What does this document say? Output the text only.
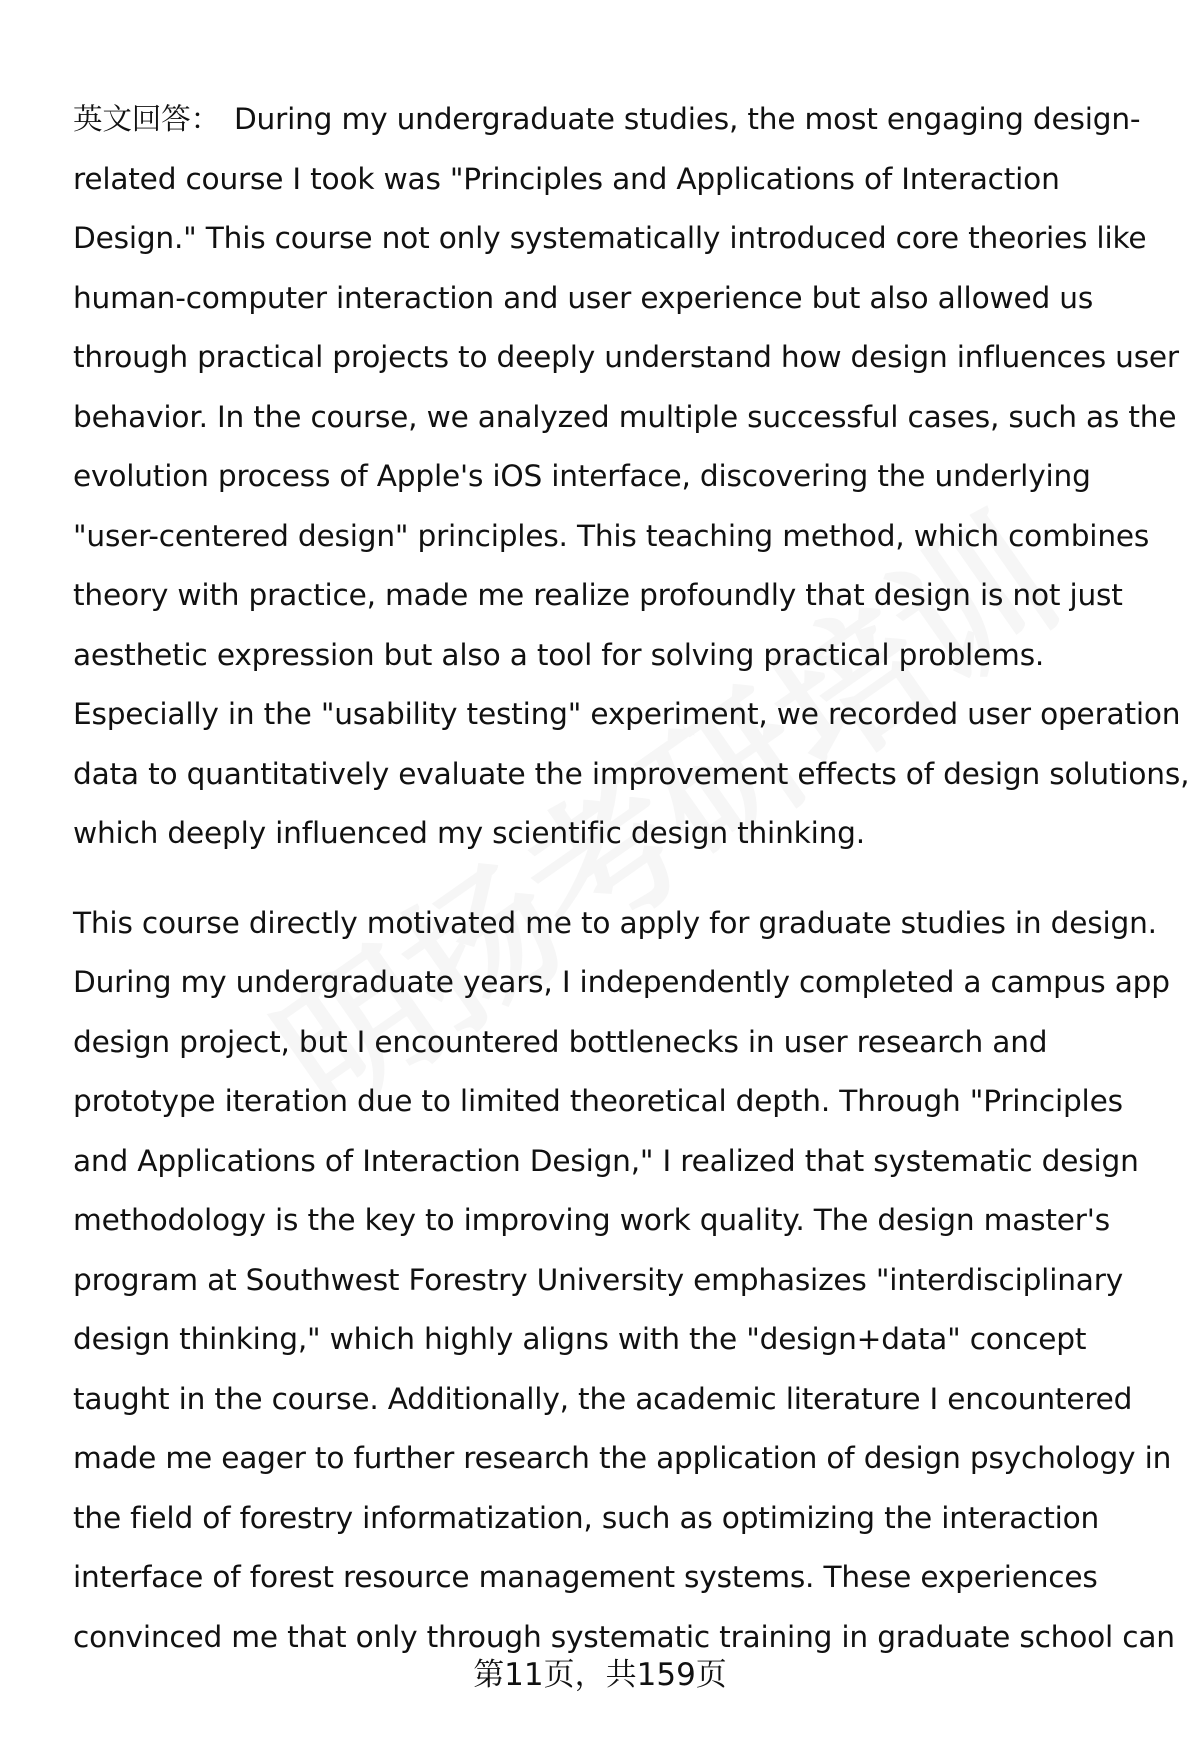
英文回答： During my undergraduate studies, the most engaging design-
related course I took was "Principles and Applications of Interaction
Design." This course not only systematically introduced core theories like
human-computer interaction and user experience but also allowed us
through practical projects to deeply understand how design influences user
behavior. In the course, we analyzed multiple successful cases, such as the
evolution process of Apple's iOS interface, discovering the underlying
"user-centered design" principles. This teaching method, which combines
theory with practice, made me realize profoundly that design is not just
aesthetic expression but also a tool for solving practical problems.
Especially in the "usability testing" experiment, we recorded user operation
data to quantitatively evaluate the improvement effects of design solutions,
which deeply influenced my scientific design thinking.
This course directly motivated me to apply for graduate studies in design.
During my undergraduate years, I independently completed a campus app
design project, but I encountered bottlenecks in user research and
prototype iteration due to limited theoretical depth. Through "Principles
and Applications of Interaction Design," I realized that systematic design
methodology is the key to improving work quality. The design master's
program at Southwest Forestry University emphasizes "interdisciplinary
design thinking," which highly aligns with the "design+data" concept
taught in the course. Additionally, the academic literature I encountered
made me eager to further research the application of design psychology in
the field of forestry informatization, such as optimizing the interaction
interface of forest resource management systems. These experiences
convinced me that only through systematic training in graduate school can
第11页，共159页
